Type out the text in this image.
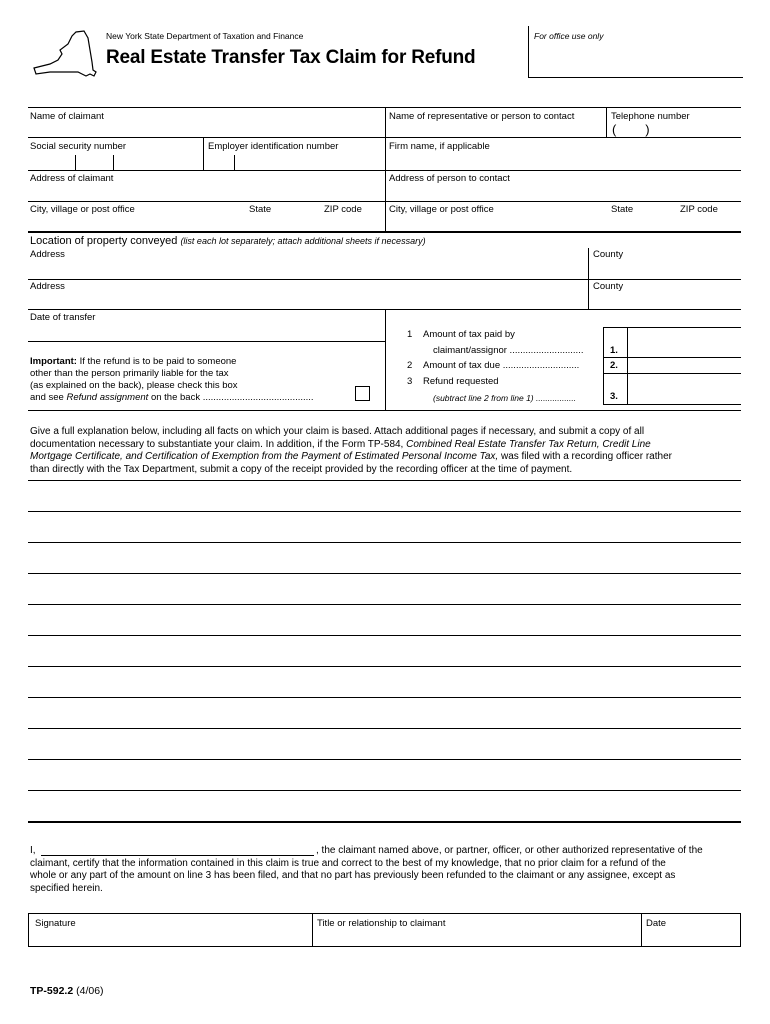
New York State Department of Taxation and Finance
Real Estate Transfer Tax Claim for Refund
For office use only
Name of claimant	Name of representative or person to contact	Telephone number
(        )
Social security number	Employer identification number	Firm name, if applicable
Address of claimant	Address of person to contact
City, village or post office	State	ZIP code	City, village or post office	State	ZIP code
Location of property conveyed (list each lot separately; attach additional sheets if necessary)
Address	County
Address	County
Date of transfer
Important: If the refund is to be paid to someone
other than the person primarily liable for the tax
(as explained on the back), please check this box
and see Refund assignment on the back ..........................................
1 Amount of tax paid by
claimant/assignor ............................
2 Amount of tax due .............................
3 Refund requested
(subtract line 2 from line 1) .................
1.
2.
3.
Give a full explanation below, including all facts on which your claim is based. Attach additional pages if necessary, and submit a copy of all
documentation necessary to substantiate your claim. In addition, if the Form TP-584, Combined Real Estate Transfer Tax Return, Credit Line
Mortgage Certificate, and Certification of Exemption from the Payment of Estimated Personal Income Tax, was filed with a recording officer rather
than directly with the Tax Department, submit a copy of the receipt provided by the recording officer at the time of payment.
I,	, the claimant named above, or partner, officer, or other authorized representative of the
claimant, certify that the information contained in this claim is true and correct to the best of my knowledge, that no prior claim for a refund of the
whole or any part of the amount on line 3 has been filed, and that no part has previously been refunded to the claimant or any assignee, except as
specified herein.
Signature	Title or relationship to claimant	Date
TP-592.2 (4/06)
